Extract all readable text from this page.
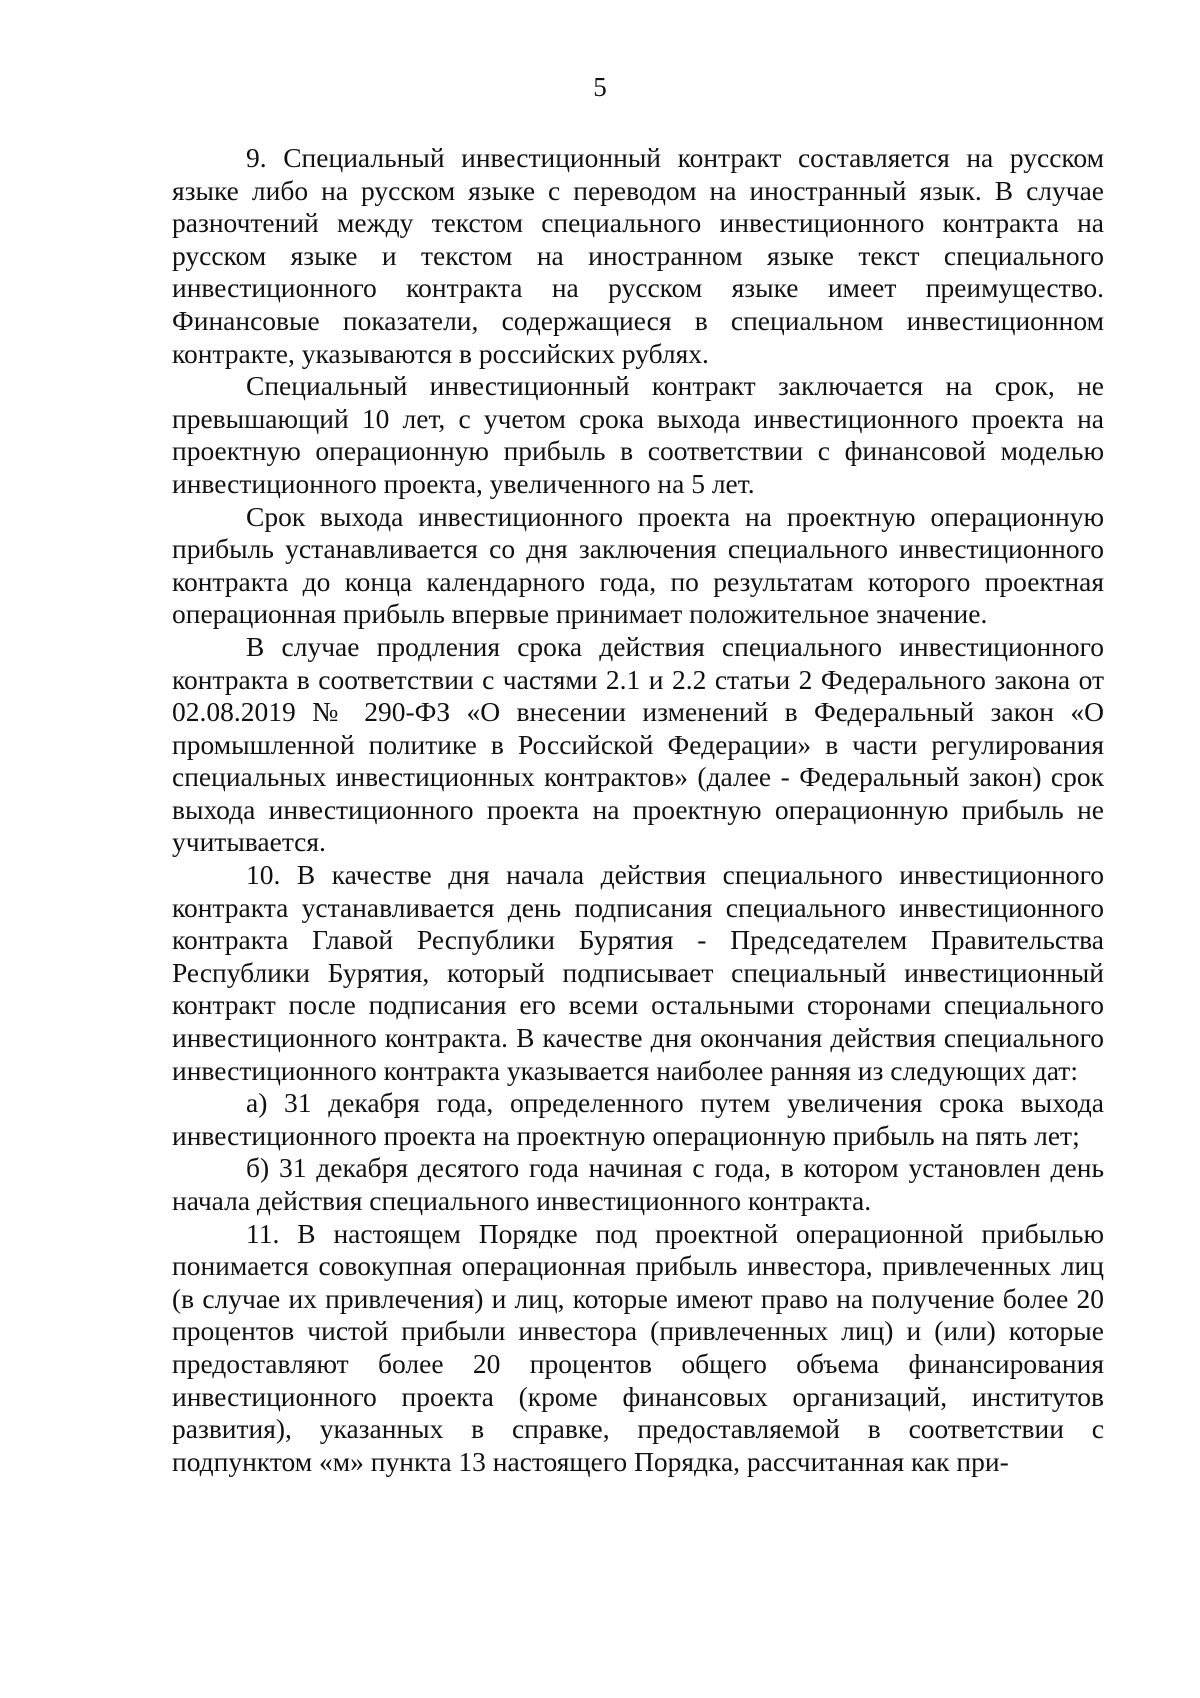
5

9. Специальный инвестиционный контракт составляется на русском языке либо на русском языке с переводом на иностранный язык. В случае разночтений между текстом специального инвестиционного контракта на русском языке и текстом на иностранном языке текст специального инвестиционного контракта на русском языке имеет преимущество. Финансовые показатели, содержащиеся в специальном инвестиционном контракте, указываются в российских рублях.

Специальный инвестиционный контракт заключается на срок, не превышающий 10 лет, с учетом срока выхода инвестиционного проекта на проектную операционную прибыль в соответствии с финансовой моделью инвестиционного проекта, увеличенного на 5 лет.

Срок выхода инвестиционного проекта на проектную операционную прибыль устанавливается со дня заключения специального инвестиционного контракта до конца календарного года, по результатам которого проектная операционная прибыль впервые принимает положительное значение.

В случае продления срока действия специального инвестиционного контракта в соответствии с частями 2.1 и 2.2 статьи 2 Федерального закона от 02.08.2019 № 290-ФЗ «О внесении изменений в Федеральный закон «О промышленной политике в Российской Федерации» в части регулирования специальных инвестиционных контрактов» (далее - Федеральный закон) срок выхода инвестиционного проекта на проектную операционную прибыль не учитывается.

10. В качестве дня начала действия специального инвестиционного контракта устанавливается день подписания специального инвестиционного контракта Главой Республики Бурятия - Председателем Правительства Республики Бурятия, который подписывает специальный инвестиционный контракт после подписания его всеми остальными сторонами специального инвестиционного контракта. В качестве дня окончания действия специального инвестиционного контракта указывается наиболее ранняя из следующих дат:

а) 31 декабря года, определенного путем увеличения срока выхода инвестиционного проекта на проектную операционную прибыль на пять лет;

б) 31 декабря десятого года начиная с года, в котором установлен день начала действия специального инвестиционного контракта.

11. В настоящем Порядке под проектной операционной прибылью понимается совокупная операционная прибыль инвестора, привлеченных лиц (в случае их привлечения) и лиц, которые имеют право на получение более 20 процентов чистой прибыли инвестора (привлеченных лиц) и (или) которые предоставляют более 20 процентов общего объема финансирования инвестиционного проекта (кроме финансовых организаций, институтов развития), указанных в справке, предоставляемой в соответствии с подпунктом «м» пункта 13 настоящего Порядка, рассчитанная как при-
